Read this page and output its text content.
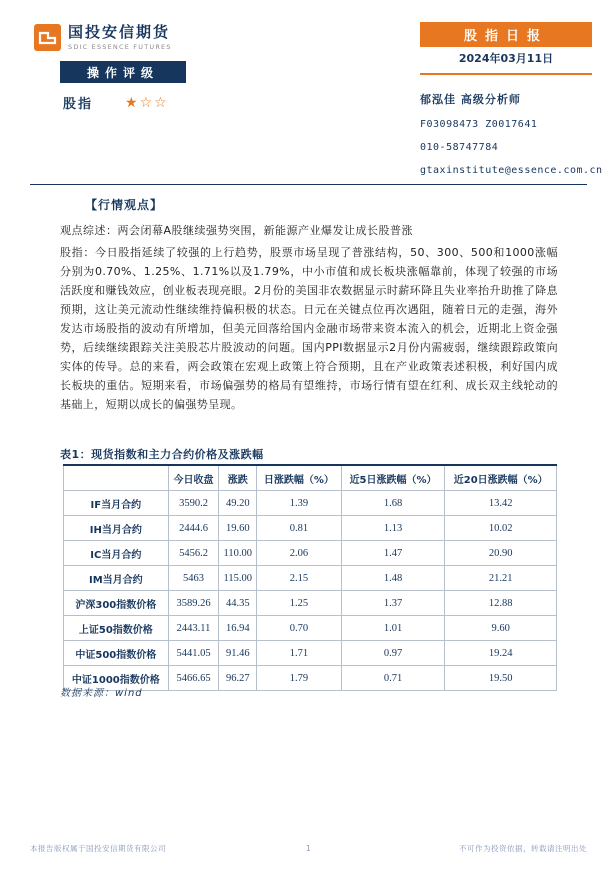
国投安信期货
SDIC ESSENCE FUTURES
股指日报
2024年03月11日
操作评级
股指 ★☆☆	郁泓佳 高级分析师
F03098473 Z0017641
010-58747784
gtaxinstitute@essence.com.cn
【行情观点】
观点综述：两会闭幕A股继续强势突围，新能源产业爆发让成长股普涨
股指：今日股指延续了较强的上行趋势，股票市场呈现了普涨结构，50、300、500和1000涨幅分别为0.70%、1.25%、1.71%以及1.79%，中小市值和成长板块涨幅靠前，体现了较强的市场活跃度和赚钱效应，创业板表现亮眼。2月份的美国非农数据显示时薪环降且失业率抬升助推了降息预期，这让美元流动性继续维持偏积极的状态。日元在关键点位再次遇阻，随着日元的走强，海外发达市场股指的波动有所增加，但美元回落给国内金融市场带来资本流入的机会，近期北上资金强势，后续继续跟踪关注美股芯片股波动的问题。国内PPI数据显示2月份内需疲弱，继续跟踪政策向实体的传导。总的来看，两会政策在宏观上政策上符合预期，且在产业政策表述积极，利好国内成长板块的重估。短期来看，市场偏强势的格局有望维持，市场行情有望在红利、成长双主线轮动的基础上，短期以成长的偏强势呈现。
表1：现货指数和主力合约价格及涨跌幅
	今日收盘	涨跌	日涨跌幅（%）	近5日涨跌幅（%）	近20日涨跌幅（%）
IF当月合约	3590.2	49.20	1.39	1.68	13.42
IH当月合约	2444.6	19.60	0.81	1.13	10.02
IC当月合约	5456.2	110.00	2.06	1.47	20.90
IM当月合约	5463	115.00	2.15	1.48	21.21
沪深300指数价格	3589.26	44.35	1.25	1.37	12.88
上证50指数价格	2443.11	16.94	0.70	1.01	9.60
中证500指数价格	5441.05	91.46	1.71	0.97	19.24
中证1000指数价格	5466.65	96.27	1.79	0.71	19.50
数据来源：wind
本报告版权属于国投安信期货有限公司	1	不可作为投资依据，转载请注明出处
